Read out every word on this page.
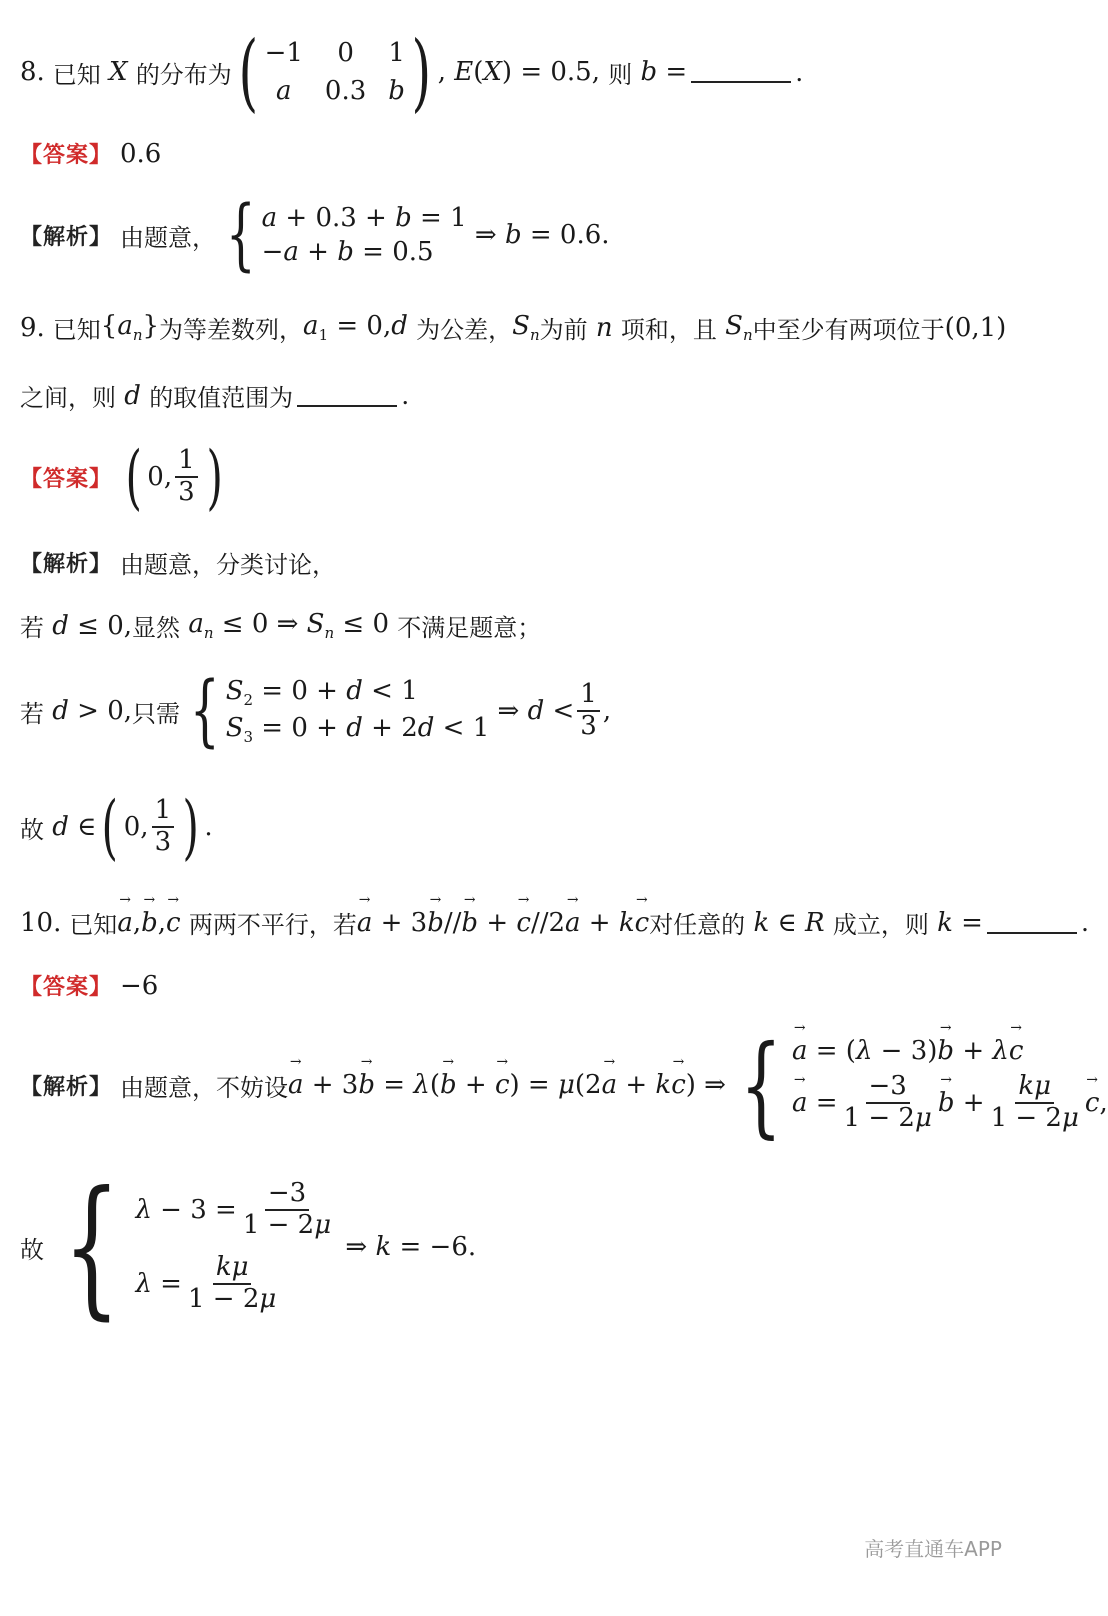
8.
已知 X 的分布为 ( −1	0	1
a	0.3 b ) , E(X) = 0.5, 则 b =	.
【答案】
0.6
【解析】
由题意， { a + 0.3 + b = 1
−a + b = 0.5
⇒ b = 0.6.
9.
已知 $\{a_n\}$ 为等差数列， $a_1 = 0,d$ 为公差， $S_n$ 为前 n 项和，且 $S_n$ 中至少有两项位于 (0,1)
之间，则 d 的取值范围为	.
【答案】
( 0, $\frac{1}{3}$ )
【解析】
由题意，分类讨论，
若 d ≤ 0, 显然 $a_n \le 0$ ⇒ $S_n \le 0$ 不满足题意；
若 d > 0, 只需 { $S_2 = 0 + d < 1$
$S_3 = 0 + d + 2d < 1$
⇒ $d < \frac{1}{3}$ ,
故 d ∈ ( 0, $\frac{1}{3}$ ) .
10.
已知
→ a,→ b,→ c 两两不平行，若
→ a + 3→ b//→ b + → c//2→ a + k→ c 对任意的 k ∈ R 成立，则 k =	.
【答案】
−6
【解析】
由题意，不妨设
→ a + 3→ b = λ(→ b + → c) = μ(2→ a + k→ c) ⇒ {
→ a = (λ − 3)→ b + λ→ c
→ $a = \frac{-3}{1 - 2\mu}$
→ $b + \frac{k\mu}{1 - 2\mu}$
→ c ,
故 { $\lambda - 3 = \frac{-3}{1 - 2\mu}$
$\lambda = \frac{k\mu}{1 - 2\mu}$
⇒ k = −6.
高考直通车APP
